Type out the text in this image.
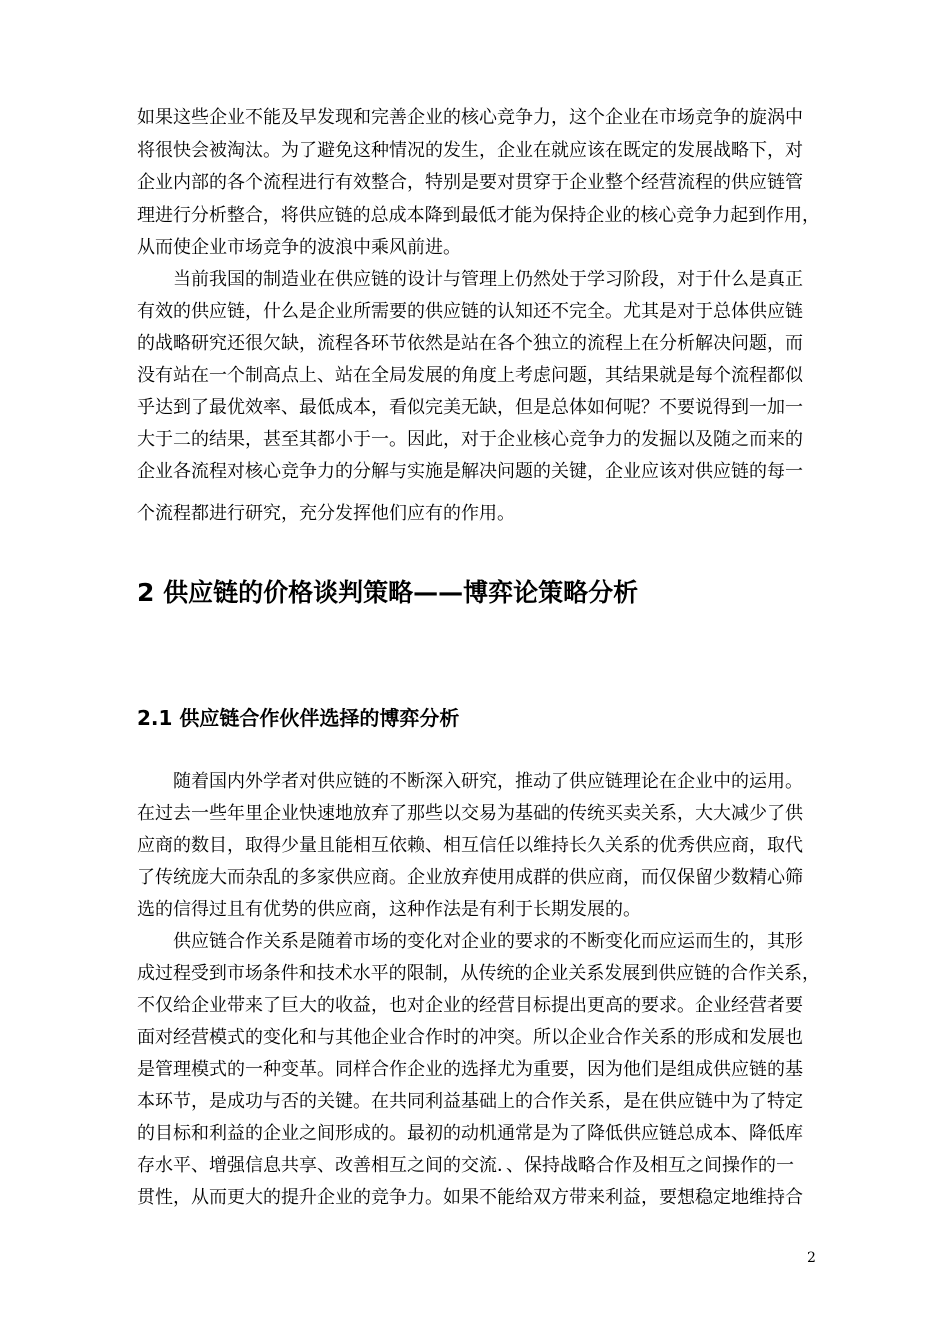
如果这些企业不能及早发现和完善企业的核心竞争力，这个企业在市场竞争的旋涡中
将很快会被淘汰。为了避免这种情况的发生，企业在就应该在既定的发展战略下，对
企业内部的各个流程进行有效整合，特别是要对贯穿于企业整个经营流程的供应链管
理进行分析整合，将供应链的总成本降到最低才能为保持企业的核心竞争力起到作用，
从而使企业市场竞争的波浪中乘风前进。
当前我国的制造业在供应链的设计与管理上仍然处于学习阶段，对于什么是真正
有效的供应链，什么是企业所需要的供应链的认知还不完全。尤其是对于总体供应链
的战略研究还很欠缺，流程各环节依然是站在各个独立的流程上在分析解决问题，而
没有站在一个制高点上、站在全局发展的角度上考虑问题，其结果就是每个流程都似
乎达到了最优效率、最低成本，看似完美无缺，但是总体如何呢？不要说得到一加一
大于二的结果，甚至其都小于一。因此，对于企业核心竞争力的发掘以及随之而来的
企业各流程对核心竞争力的分解与实施是解决问题的关键，企业应该对供应链的每一
个流程都进行研究，充分发挥他们应有的作用。
2 供应链的价格谈判策略——博弈论策略分析
2.1 供应链合作伙伴选择的博弈分析
随着国内外学者对供应链的不断深入研究，推动了供应链理论在企业中的运用。
在过去一些年里企业快速地放弃了那些以交易为基础的传统买卖关系，大大减少了供
应商的数目，取得少量且能相互依赖、相互信任以维持长久关系的优秀供应商，取代
了传统庞大而杂乱的多家供应商。企业放弃使用成群的供应商，而仅保留少数精心筛
选的信得过且有优势的供应商，这种作法是有利于长期发展的。
供应链合作关系是随着市场的变化对企业的要求的不断变化而应运而生的，其形
成过程受到市场条件和技术水平的限制，从传统的企业关系发展到供应链的合作关系，
不仅给企业带来了巨大的收益，也对企业的经营目标提出更高的要求。企业经营者要
面对经营模式的变化和与其他企业合作时的冲突。所以企业合作关系的形成和发展也
是管理模式的一种变革。同样合作企业的选择尤为重要，因为他们是组成供应链的基
本环节，是成功与否的关键。在共同利益基础上的合作关系，是在供应链中为了特定
的目标和利益的企业之间形成的。最初的动机通常是为了降低供应链总成本、降低库
存水平、增强信息共享、改善相互之间的交流．、保持战略合作及相互之间操作的一
贯性，从而更大的提升企业的竞争力。如果不能给双方带来利益，要想稳定地维持合
2
